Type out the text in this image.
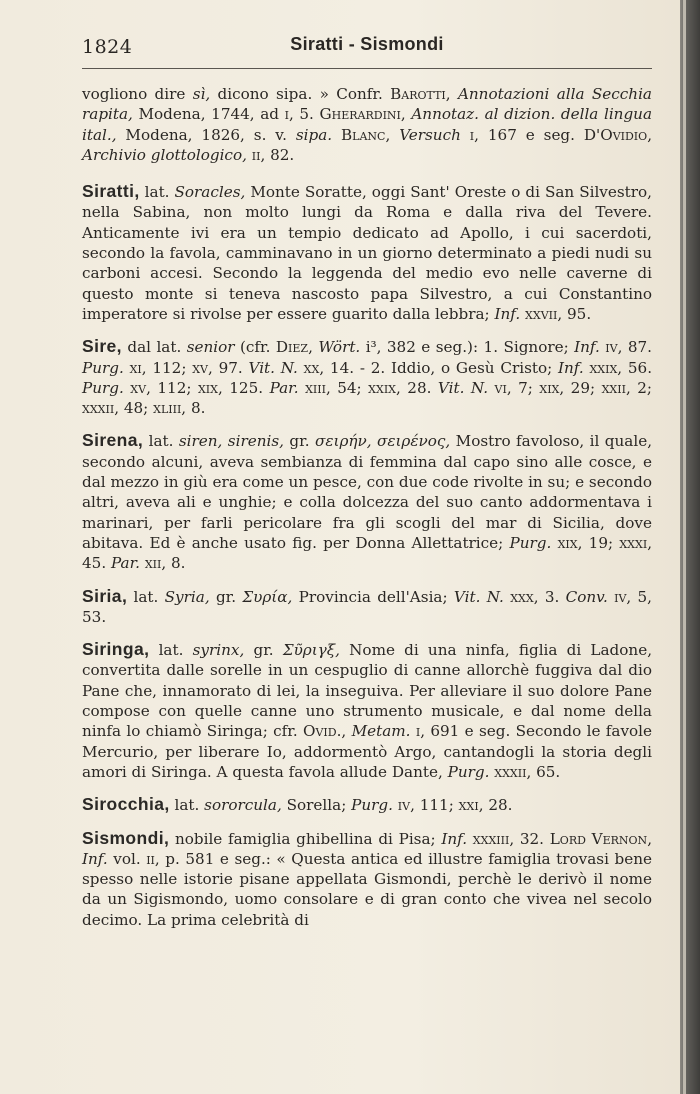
1824	Siratti - Sismondi

vogliono dire sì, dicono sipa. » Confr. Barotti, Annotazioni alla Secchia rapita, Modena, 1744, ad i, 5. Gherardini, Annotaz. al dizion. della lingua ital., Modena, 1826, s. v. sipa. Blanc, Versuch i, 167 e seg. D'Ovidio, Archivio glottologico, ii, 82.

Siratti, lat. Soracles, Monte Soratte, oggi Sant' Oreste o di San Silvestro, nella Sabina, non molto lungi da Roma e dalla riva del Tevere. Anticamente ivi era un tempio dedicato ad Apollo, i cui sacerdoti, secondo la favola, camminavano in un giorno determinato a piedi nudi su carboni accesi. Secondo la leggenda del medio evo nelle caverne di questo monte si teneva nascosto papa Silvestro, a cui Constantino imperatore si rivolse per essere guarito dalla lebbra; Inf. xxvii, 95.

Sire, dal lat. senior (cfr. Diez, Wört. i³, 382 e seg.): 1. Signore; Inf. iv, 87. Purg. xi, 112; xv, 97. Vit. N. xx, 14. - 2. Iddio, o Gesù Cristo; Inf. xxix, 56. Purg. xv, 112; xix, 125. Par. xiii, 54; xxix, 28. Vit. N. vi, 7; xix, 29; xxii, 2; xxxii, 48; xliii, 8.

Sirena, lat. siren, sirenis, gr. σειρήν, σειρένος, Mostro favoloso, il quale, secondo alcuni, aveva sembianza di femmina dal capo sino alle cosce, e dal mezzo in giù era come un pesce, con due code rivolte in su; e secondo altri, aveva ali e unghie; e colla dolcezza del suo canto addormentava i marinari, per farli pericolare fra gli scogli del mar di Sicilia, dove abitava. Ed è anche usato fig. per Donna Allettatrice; Purg. xix, 19; xxxi, 45. Par. xii, 8.

Siria, lat. Syria, gr. Συρία, Provincia dell'Asia; Vit. N. xxx, 3. Conv. iv, 5, 53.

Siringa, lat. syrinx, gr. Σῦριγξ, Nome di una ninfa, figlia di Ladone, convertita dalle sorelle in un cespuglio di canne allorchè fuggiva dal dio Pane che, innamorato di lei, la inseguiva. Per alleviare il suo dolore Pane compose con quelle canne uno strumento musicale, e dal nome della ninfa lo chiamò Siringa; cfr. Ovid., Metam. i, 691 e seg. Secondo le favole Mercurio, per liberare Io, addormentò Argo, cantandogli la storia degli amori di Siringa. A questa favola allude Dante, Purg. xxxii, 65.

Sirocchia, lat. sororcula, Sorella; Purg. iv, 111; xxi, 28.

Sismondi, nobile famiglia ghibellina di Pisa; Inf. xxxiii, 32. Lord Vernon, Inf. vol. ii, p. 581 e seg.: « Questa antica ed illustre famiglia trovasi bene spesso nelle istorie pisane appellata Gismondi, perchè le derivò il nome da un Sigismondo, uomo consolare e di gran conto che vivea nel secolo decimo. La prima celebrità di
